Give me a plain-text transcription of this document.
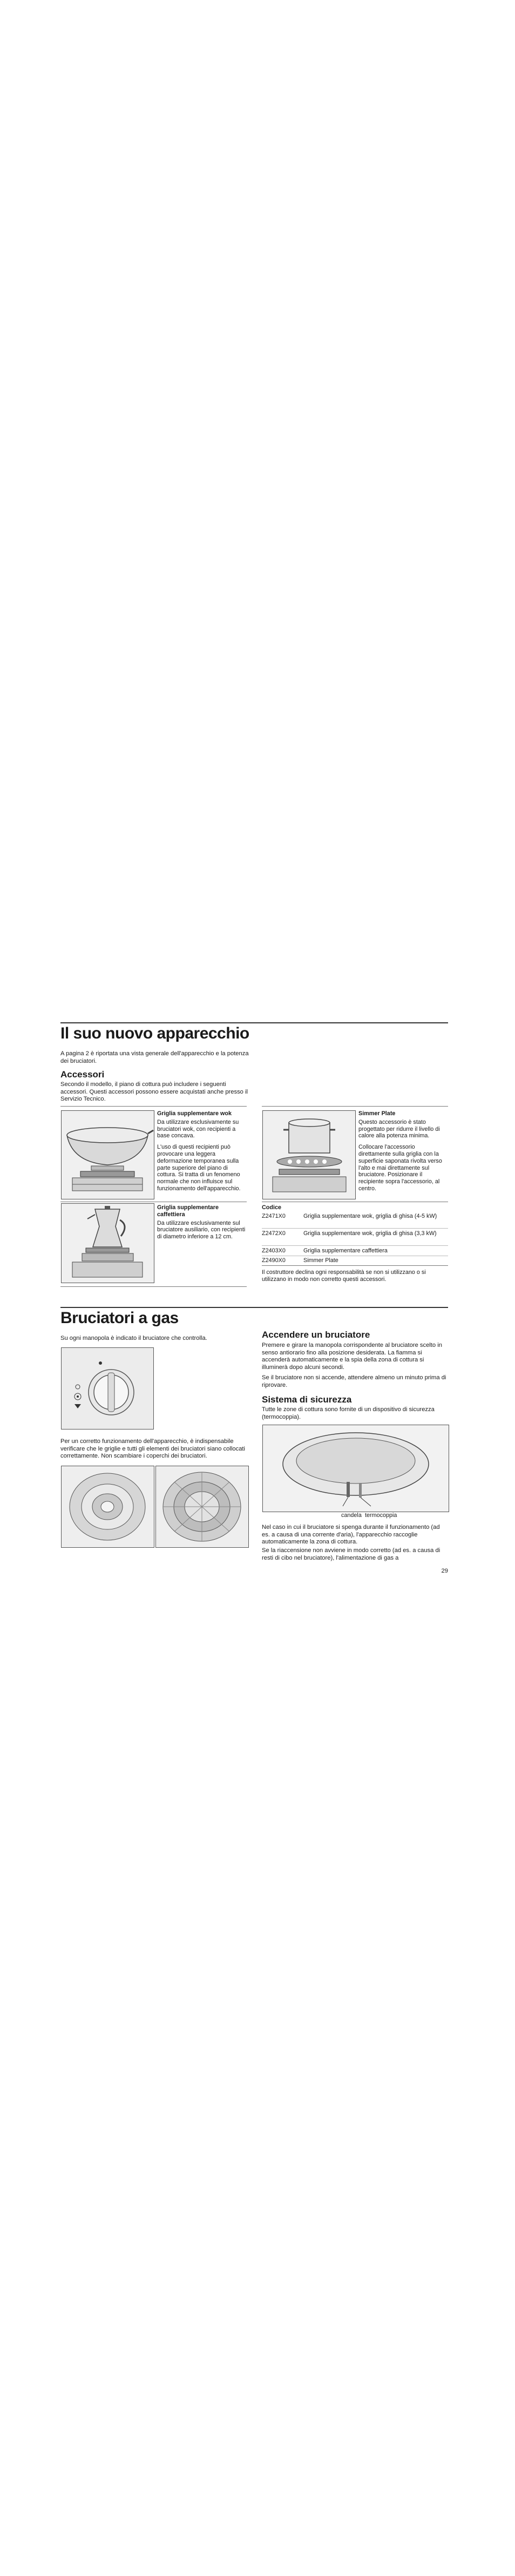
Il suo nuovo apparecchio
A pagina 2 è riportata una vista generale dell'apparecchio e la potenza dei bruciatori.
Accessori
Secondo il modello, il piano di cottura può includere i seguenti accessori. Questi accessori possono essere acquistati anche presso il Servizio Tecnico.
Griglia supplementare wok
Da utilizzare esclusivamente su bruciatori wok, con recipienti a base concava.
L'uso di questi recipienti può provocare una leggera deformazione temporanea sulla parte superiore del piano di cottura. Si tratta di un fenomeno normale che non influisce sul funzionamento dell'apparecchio.
Griglia supplementare caffettiera
Da utilizzare esclusivamente sul bruciatore ausiliario, con recipienti di diametro inferiore a 12 cm.
Simmer Plate
Questo accessorio è stato progettato per ridurre il livello di calore alla potenza minima.
Collocare l'accessorio direttamente sulla griglia con la superficie saponata rivolta verso l'alto e mai direttamente sul bruciatore. Posizionare il recipiente sopra l'accessorio, al centro.
Codice
Z2471X0	Griglia supplementare wok, griglia di ghisa (4-5 kW)
Z2472X0	Griglia supplementare wok, griglia di ghisa (3,3 kW)
Z2403X0	Griglia supplementare caffettiera
Z2490X0	Simmer Plate
Il costruttore declina ogni responsabilità se non si utilizzano o si utilizzano in modo non corretto questi accessori.
Bruciatori a gas
Su ogni manopola è indicato il bruciatore che controlla.
Per un corretto funzionamento dell'apparecchio, è indispensabile verificare che le griglie e tutti gli elementi dei bruciatori siano collocati correttamente. Non scambiare i coperchi dei bruciatori.
Accendere un bruciatore
Premere e girare la manopola corrispondente al bruciatore scelto in senso antiorario fino alla posizione desiderata. La fiamma si accenderà automaticamente e la spia della zona di cottura si illuminerà dopo alcuni secondi.
Se il bruciatore non si accende, attendere almeno un minuto prima di riprovare.
Sistema di sicurezza
Tutte le zone di cottura sono fornite di un dispositivo di sicurezza (termocoppia).
candela termocoppia
Nel caso in cui il bruciatore si spenga durante il funzionamento (ad es. a causa di una corrente d'aria), l'apparecchio raccoglie automaticamente la zona di cottura.
Se la riaccensione non avviene in modo corretto (ad es. a causa di resti di cibo nel bruciatore), l'alimentazione di gas a
29
